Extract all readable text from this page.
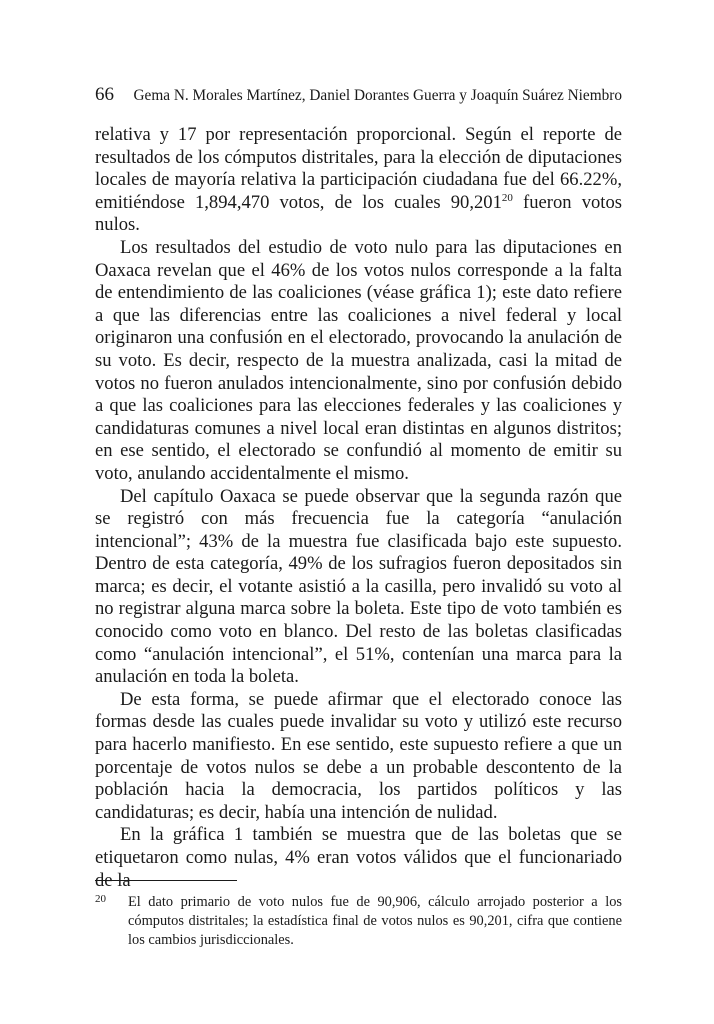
66 Gema N. Morales Martínez, Daniel Dorantes Guerra y Joaquín Suárez Niembro

relativa y 17 por representación proporcional. Según el reporte de resultados de los cómputos distritales, para la elección de diputaciones locales de mayoría relativa la participación ciudadana fue del 66.22%, emitiéndose 1,894,470 votos, de los cuales 90,201$^{20}$ fueron votos nulos.

Los resultados del estudio de voto nulo para las diputaciones en Oaxaca revelan que el 46% de los votos nulos corresponde a la falta de entendimiento de las coaliciones (véase gráfica 1); este dato refiere a que las diferencias entre las coaliciones a nivel federal y local originaron una confusión en el electorado, provocando la anulación de su voto. Es decir, respecto de la muestra analizada, casi la mitad de votos no fueron anulados intencionalmente, sino por confusión debido a que las coaliciones para las elecciones federales y las coaliciones y candidaturas comunes a nivel local eran distintas en algunos distritos; en ese sentido, el electorado se confundió al momento de emitir su voto, anulando accidentalmente el mismo.

Del capítulo Oaxaca se puede observar que la segunda razón que se registró con más frecuencia fue la categoría “anulación intencional”; 43% de la muestra fue clasificada bajo este supuesto. Dentro de esta categoría, 49% de los sufragios fueron depositados sin marca; es decir, el votante asistió a la casilla, pero invalidó su voto al no registrar alguna marca sobre la boleta. Este tipo de voto también es conocido como voto en blanco. Del resto de las boletas clasificadas como “anulación intencional”, el 51%, contenían una marca para la anulación en toda la boleta.

De esta forma, se puede afirmar que el electorado conoce las formas desde las cuales puede invalidar su voto y utilizó este recurso para hacerlo manifiesto. En ese sentido, este supuesto refiere a que un porcentaje de votos nulos se debe a un probable descontento de la población hacia la democracia, los partidos políticos y las candidaturas; es decir, había una intención de nulidad.

En la gráfica 1 también se muestra que de las boletas que se etiquetaron como nulas, 4% eran votos válidos que el funcionariado de la

20 El dato primario de voto nulos fue de 90,906, cálculo arrojado posterior a los cómputos distritales; la estadística final de votos nulos es 90,201, cifra que contiene los cambios jurisdiccionales.
